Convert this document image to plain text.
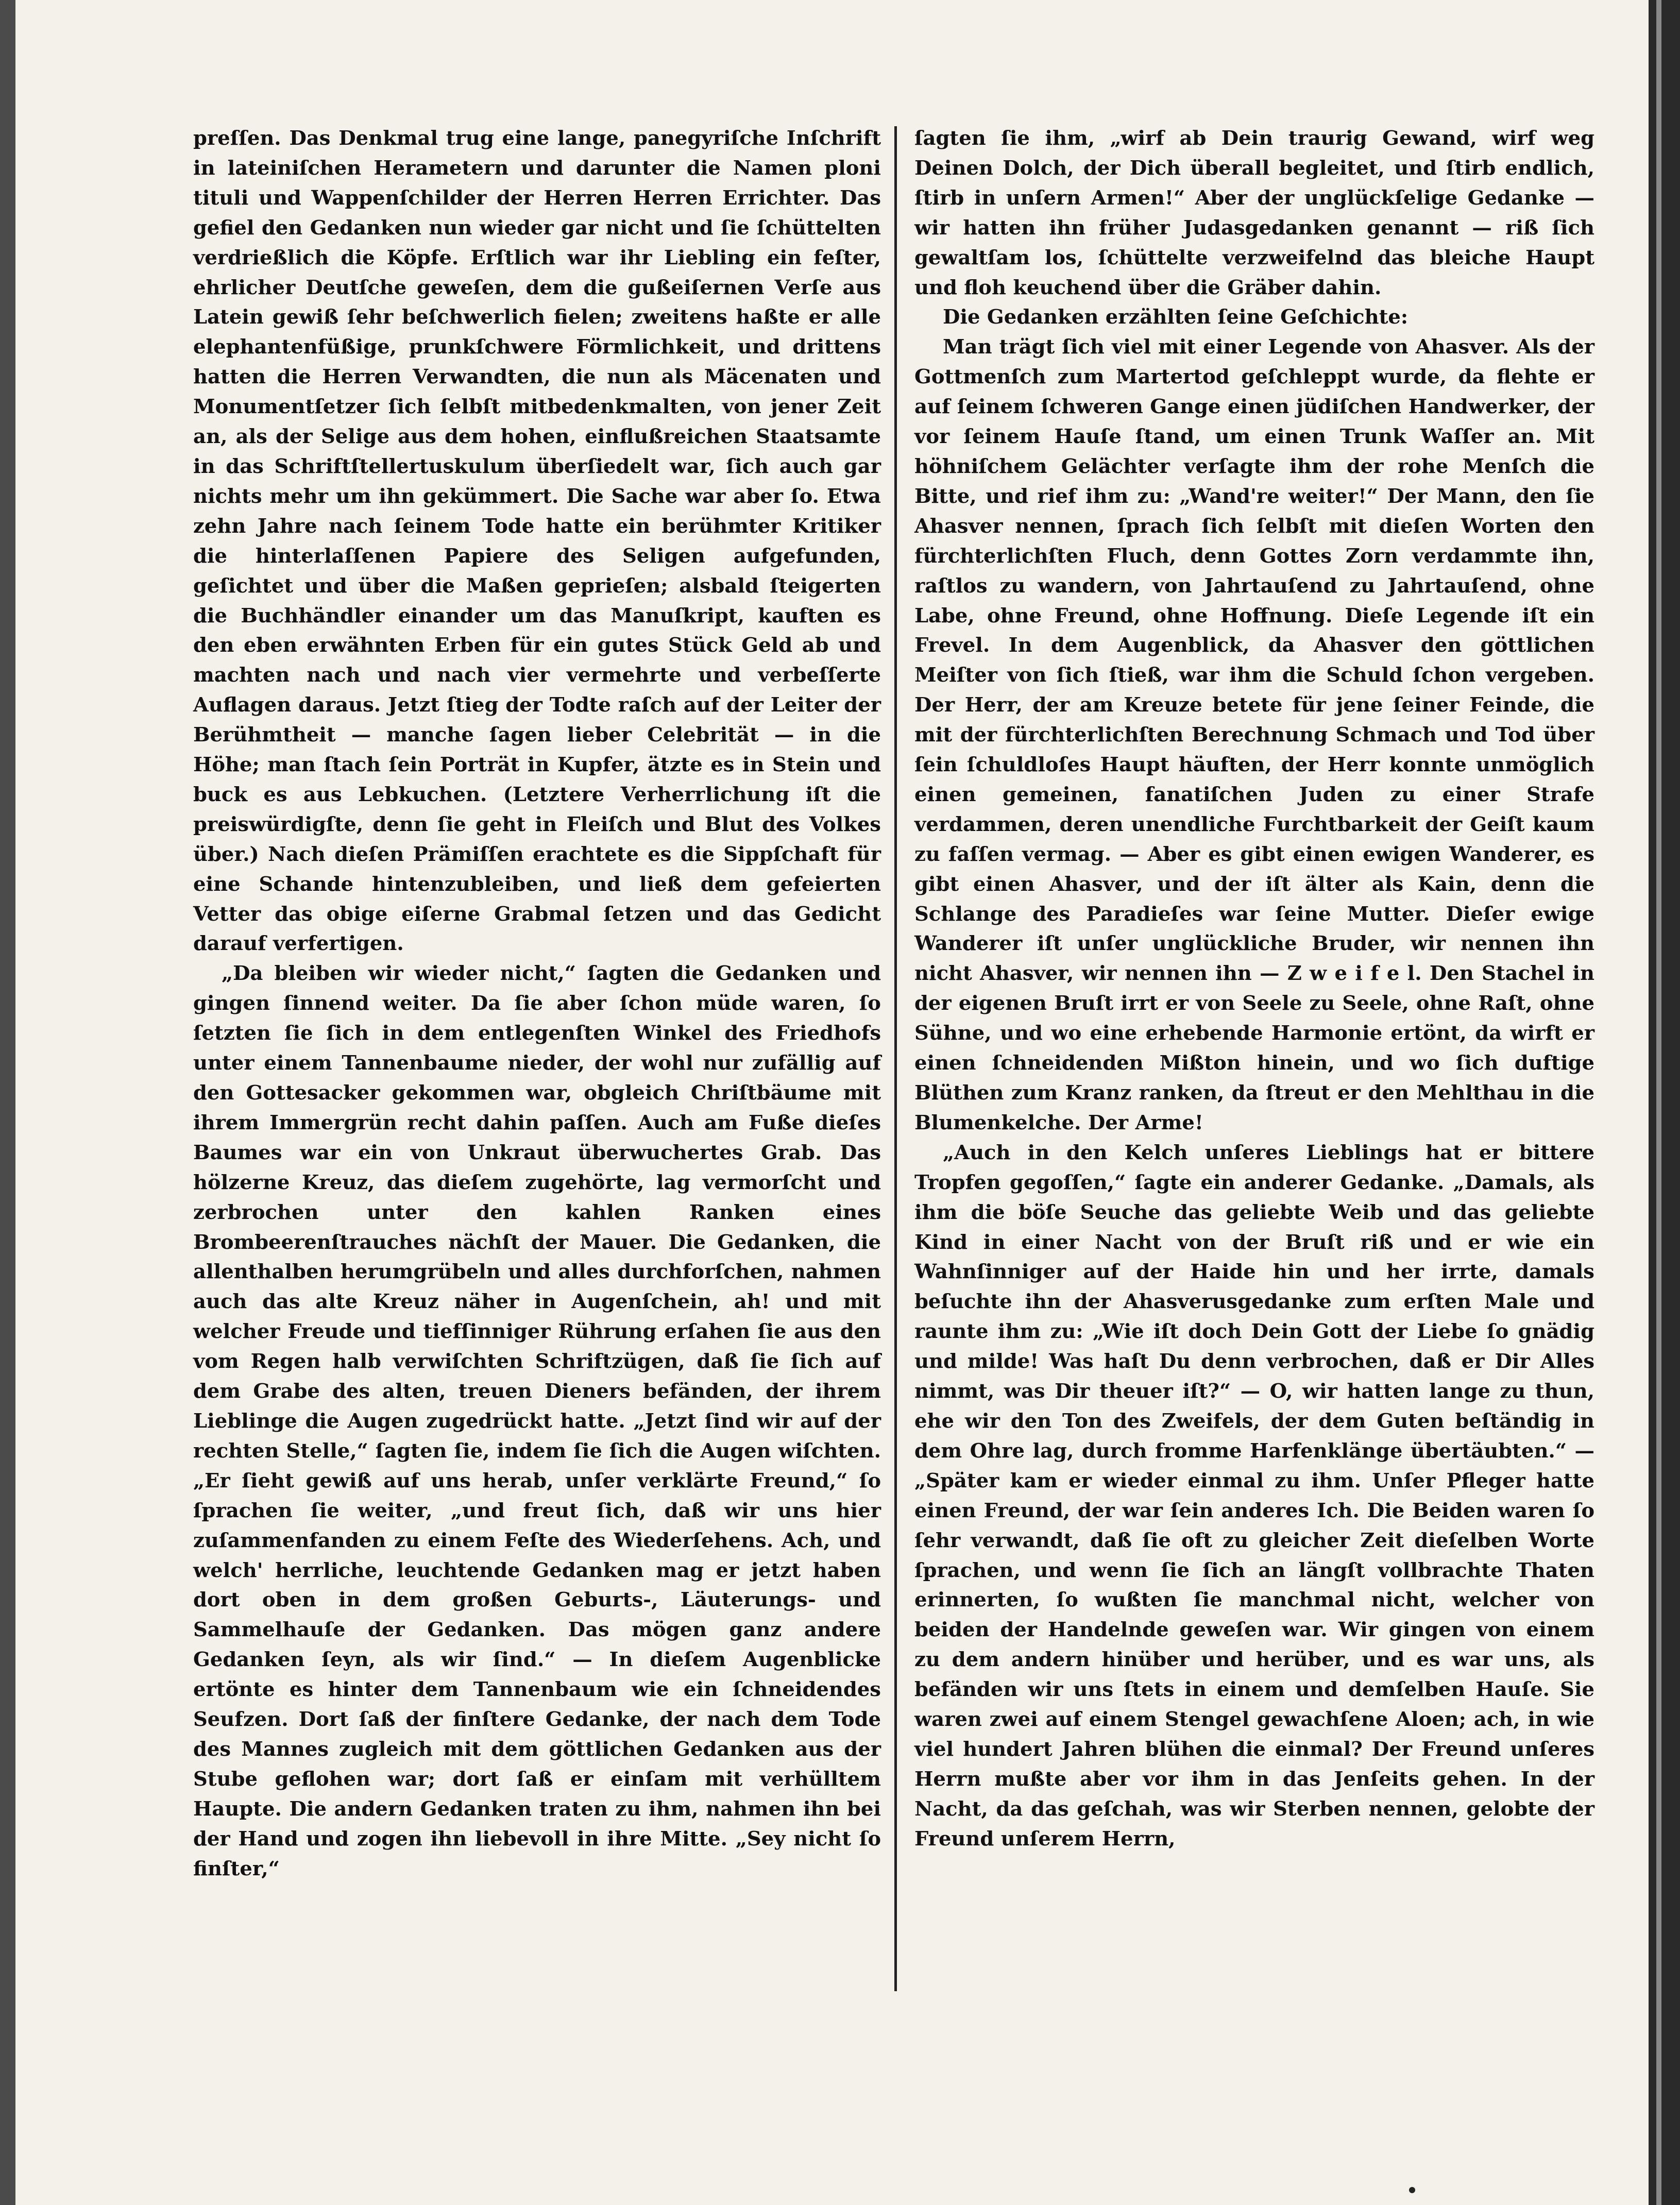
preſſen. Das Denkmal trug eine lange, panegyriſche Inſchrift in lateiniſchen Herametern und darunter die Namen ploni tituli und Wappenſchilder der Herren Herren Errichter. Das gefiel den Gedanken nun wieder gar nicht und ſie ſchüttelten verdrießlich die Köpfe. Erſtlich war ihr Liebling ein feſter, ehrlicher Deutſche geweſen, dem die gußeiſernen Verſe aus Latein gewiß ſehr beſchwerlich fielen; zweitens haßte er alle elephantenfüßige, prunkſchwere Förmlichkeit, und drittens hatten die Herren Verwandten, die nun als Mäcenaten und Monumentſetzer ſich ſelbſt mitbedenkmalten, von jener Zeit an, als der Selige aus dem hohen, einflußreichen Staatsamte in das Schriftſtellertuskulum überſiedelt war, ſich auch gar nichts mehr um ihn gekümmert. Die Sache war aber ſo. Etwa zehn Jahre nach ſeinem Tode hatte ein berühmter Kritiker die hinterlaſſenen Papiere des Seligen aufgefunden, geſichtet und über die Maßen geprieſen; alsbald ſteigerten die Buchhändler einander um das Manuſkript, kauften es den eben erwähnten Erben für ein gutes Stück Geld ab und machten nach und nach vier vermehrte und verbeſſerte Auflagen daraus. Jetzt ſtieg der Todte raſch auf der Leiter der Berühmtheit — manche ſagen lieber Celebrität — in die Höhe; man ſtach ſein Porträt in Kupfer, ätzte es in Stein und buck es aus Lebkuchen. (Letztere Verherrlichung iſt die preiswürdigſte, denn ſie geht in Fleiſch und Blut des Volkes über.) Nach dieſen Prämiſſen erachtete es die Sippſchaft für eine Schande hintenzubleiben, und ließ dem gefeierten Vetter das obige eiſerne Grabmal ſetzen und das Gedicht darauf verfertigen.

„Da bleiben wir wieder nicht,“ ſagten die Gedanken und gingen ſinnend weiter. Da ſie aber ſchon müde waren, ſo ſetzten ſie ſich in dem entlegenſten Winkel des Friedhofs unter einem Tannenbaume nieder, der wohl nur zufällig auf den Gottesacker gekommen war, obgleich Chriſtbäume mit ihrem Immergrün recht dahin paſſen. Auch am Fuße dieſes Baumes war ein von Unkraut überwuchertes Grab. Das hölzerne Kreuz, das dieſem zugehörte, lag vermorſcht und zerbrochen unter den kahlen Ranken eines Brombeerenſtrauches nächſt der Mauer. Die Gedanken, die allenthalben herumgrübeln und alles durchforſchen, nahmen auch das alte Kreuz näher in Augenſchein, ah! und mit welcher Freude und tiefſinniger Rührung erſahen ſie aus den vom Regen halb verwiſchten Schriftzügen, daß ſie ſich auf dem Grabe des alten, treuen Dieners befänden, der ihrem Lieblinge die Augen zugedrückt hatte. „Jetzt ſind wir auf der rechten Stelle,“ ſagten ſie, indem ſie ſich die Augen wiſchten. „Er ſieht gewiß auf uns herab, unſer verklärte Freund,“ ſo ſprachen ſie weiter, „und freut ſich, daß wir uns hier zuſammenfanden zu einem Feſte des Wiederſehens. Ach, und welch' herrliche, leuchtende Gedanken mag er jetzt haben dort oben in dem großen Geburts-, Läuterungs- und Sammelhauſe der Gedanken. Das mögen ganz andere Gedanken ſeyn, als wir ſind.“ — In dieſem Augenblicke ertönte es hinter dem Tannenbaum wie ein ſchneidendes Seufzen. Dort ſaß der finſtere Gedanke, der nach dem Tode des Mannes zugleich mit dem göttlichen Gedanken aus der Stube geflohen war; dort ſaß er einſam mit verhülltem Haupte. Die andern Gedanken traten zu ihm, nahmen ihn bei der Hand und zogen ihn liebevoll in ihre Mitte. „Sey nicht ſo finſter,“

ſagten ſie ihm, „wirf ab Dein traurig Gewand, wirf weg Deinen Dolch, der Dich überall begleitet, und ſtirb endlich, ſtirb in unſern Armen!“ Aber der unglückſelige Gedanke — wir hatten ihn früher Judasgedanken genannt — riß ſich gewaltſam los, ſchüttelte verzweifelnd das bleiche Haupt und floh keuchend über die Gräber dahin.

Die Gedanken erzählten ſeine Geſchichte:

Man trägt ſich viel mit einer Legende von Ahasver. Als der Gottmenſch zum Martertod geſchleppt wurde, da flehte er auf ſeinem ſchweren Gange einen jüdiſchen Handwerker, der vor ſeinem Hauſe ſtand, um einen Trunk Waſſer an. Mit höhniſchem Gelächter verſagte ihm der rohe Menſch die Bitte, und rief ihm zu: „Wand're weiter!“ Der Mann, den ſie Ahasver nennen, ſprach ſich ſelbſt mit dieſen Worten den fürchterlichſten Fluch, denn Gottes Zorn verdammte ihn, raſtlos zu wandern, von Jahrtauſend zu Jahrtauſend, ohne Labe, ohne Freund, ohne Hoffnung. Dieſe Legende iſt ein Frevel. In dem Augenblick, da Ahasver den göttlichen Meiſter von ſich ſtieß, war ihm die Schuld ſchon vergeben. Der Herr, der am Kreuze betete für jene ſeiner Feinde, die mit der fürchterlichſten Berechnung Schmach und Tod über ſein ſchuldloſes Haupt häuften, der Herr konnte unmöglich einen gemeinen, fanatiſchen Juden zu einer Strafe verdammen, deren unendliche Furchtbarkeit der Geiſt kaum zu faſſen vermag. — Aber es gibt einen ewigen Wanderer, es gibt einen Ahasver, und der iſt älter als Kain, denn die Schlange des Paradieſes war ſeine Mutter. Dieſer ewige Wanderer iſt unſer unglückliche Bruder, wir nennen ihn nicht Ahasver, wir nennen ihn — Z w e i f e l. Den Stachel in der eigenen Bruſt irrt er von Seele zu Seele, ohne Raſt, ohne Sühne, und wo eine erhebende Harmonie ertönt, da wirft er einen ſchneidenden Mißton hinein, und wo ſich duftige Blüthen zum Kranz ranken, da ſtreut er den Mehlthau in die Blumenkelche. Der Arme!

„Auch in den Kelch unſeres Lieblings hat er bittere Tropfen gegoſſen,“ ſagte ein anderer Gedanke. „Damals, als ihm die böſe Seuche das geliebte Weib und das geliebte Kind in einer Nacht von der Bruſt riß und er wie ein Wahnſinniger auf der Haide hin und her irrte, damals beſuchte ihn der Ahasverusgedanke zum erſten Male und raunte ihm zu: „Wie iſt doch Dein Gott der Liebe ſo gnädig und milde! Was haſt Du denn verbrochen, daß er Dir Alles nimmt, was Dir theuer iſt?“ — O, wir hatten lange zu thun, ehe wir den Ton des Zweifels, der dem Guten beſtändig in dem Ohre lag, durch fromme Harfenklänge übertäubten.“ — „Später kam er wieder einmal zu ihm. Unſer Pfleger hatte einen Freund, der war ſein anderes Ich. Die Beiden waren ſo ſehr verwandt, daß ſie oft zu gleicher Zeit dieſelben Worte ſprachen, und wenn ſie ſich an längſt vollbrachte Thaten erinnerten, ſo wußten ſie manchmal nicht, welcher von beiden der Handelnde geweſen war. Wir gingen von einem zu dem andern hinüber und herüber, und es war uns, als befänden wir uns ſtets in einem und demſelben Hauſe. Sie waren zwei auf einem Stengel gewachſene Aloen; ach, in wie viel hundert Jahren blühen die einmal? Der Freund unſeres Herrn mußte aber vor ihm in das Jenſeits gehen. In der Nacht, da das geſchah, was wir Sterben nennen, gelobte der Freund unſerem Herrn,
